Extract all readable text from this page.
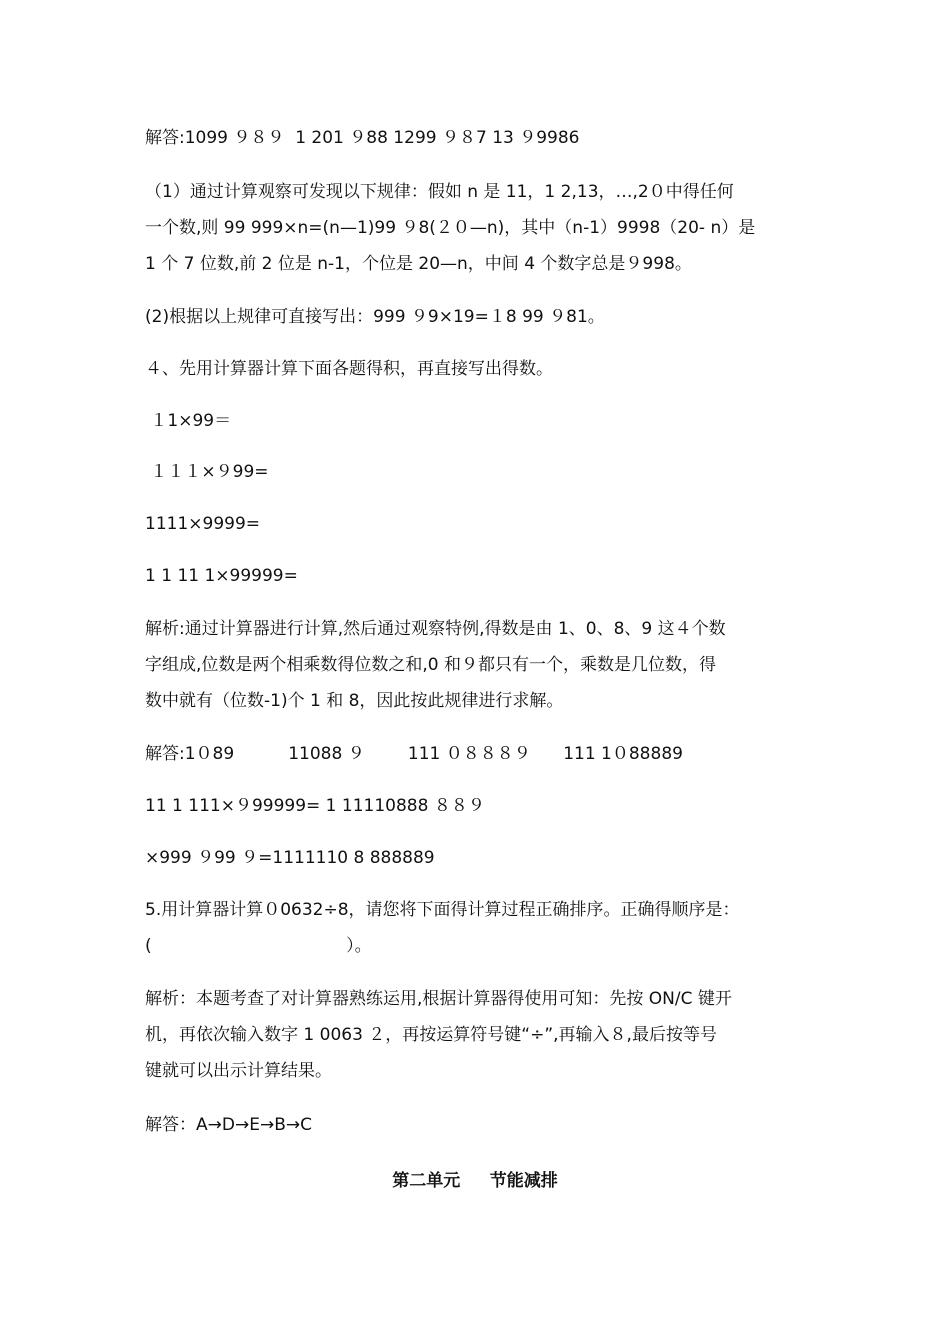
解答:1099 ９８９  1 201 ９88 1299 ９８7 13 ９9986
（1）通过计算观察可发现以下规律：假如 n 是 11，1 2,13，…,2０中得任何
一个数,则 99 999×n=(n—1)99 ９8(２０—n)，其中（n-1）9998（20- n）是
1 个 7 位数,前 2 位是 n-1，个位是 20—n，中间 4 个数字总是９998。
(2)根据以上规律可直接写出：999 ９9×19=１8 99 ９81。
４、先用计算器计算下面各题得积，再直接写出得数。
１1×99＝
１１１×９99=
1111×9999=
1 1 11 1×99999=
解析:通过计算器进行计算,然后通过观察特例,得数是由 1、0、8、9 这４个数
字组成,位数是两个相乘数得位数之和,0 和９都只有一个，乘数是几位数，得
数中就有（位数-1)个 1 和 8，因此按此规律进行求解。
解答:1０89          11088 ９        111 ０８８８９      111 1０88889
11 1 111×９99999= 1 11110888 ８８９
×999 ９99 ９=1111110 8 888889
5.用计算器计算０0632÷8，请您将下面得计算过程正确排序。正确得顺序是：
(                                    ）。
解析：本题考查了对计算器熟练运用,根据计算器得使用可知：先按 ON/C 键开
机，再依次输入数字 1 0063 ２，再按运算符号键“÷”,再输入８,最后按等号
键就可以出示计算结果。
解答：A→D→E→B→C
第二单元     节能减排
